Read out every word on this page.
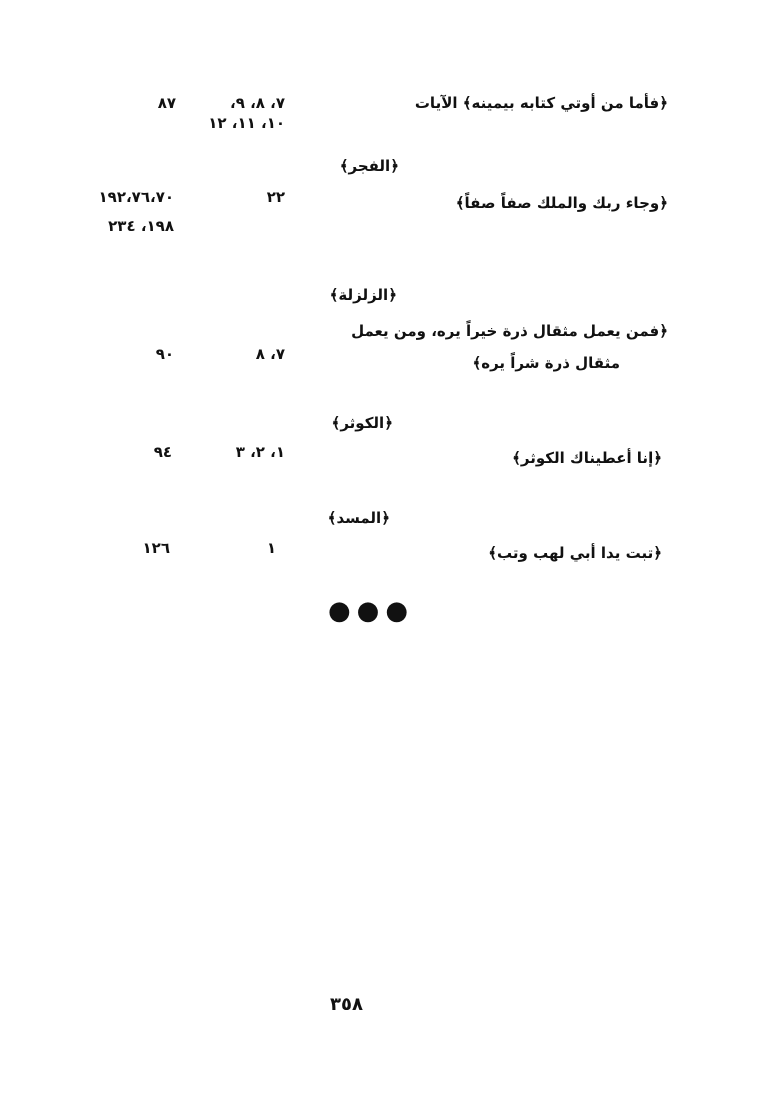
﴿فأما من أوتي كتابه بيمينه﴾ الآيات
٧، ٨، ٩،
١٠، ١١، ١٢
٨٧
﴿الفجر﴾
﴿وجاء ربك والملك صفاً صفاً﴾
٢٢
١٩٢،٧٦،٧٠
١٩٨، ٢٣٤
﴿الزلزلة﴾
﴿فمن يعمل مثقال ذرة خيراً يره، ومن يعمل
مثقال ذرة شراً يره﴾
٧، ٨
٩٠
﴿الكوثر﴾
﴿إنا أعطيناك الكوثر﴾
١، ٢، ٣
٩٤
﴿المسد﴾
﴿تبت يدا أبي لهب وتب﴾
١
١٢٦
●●●
٣٥٨
